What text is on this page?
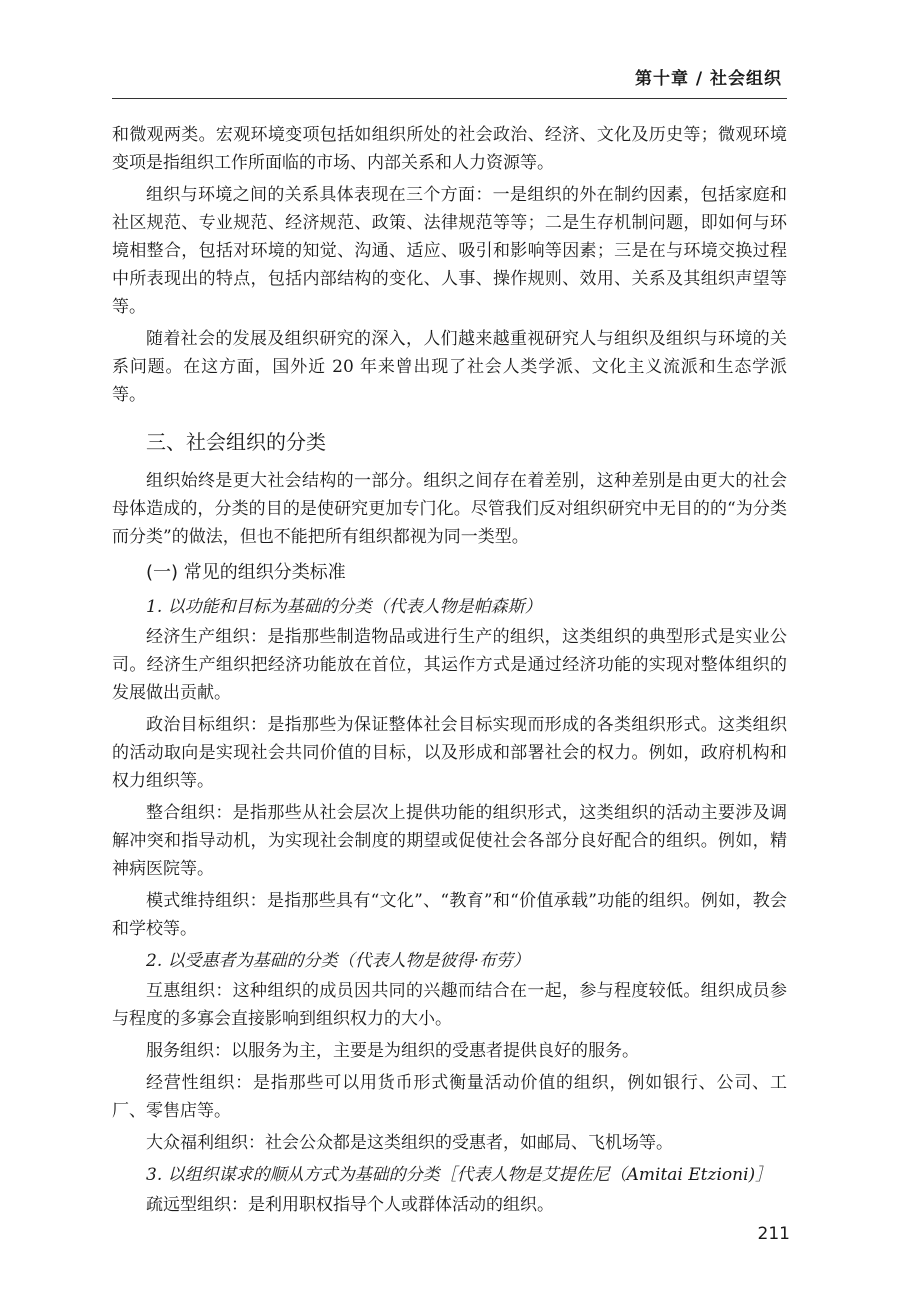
第十章 / 社会组织

和微观两类。宏观环境变项包括如组织所处的社会政治、经济、文化及历史等；微观环境变项是指组织工作所面临的市场、内部关系和人力资源等。

组织与环境之间的关系具体表现在三个方面：一是组织的外在制约因素，包括家庭和社区规范、专业规范、经济规范、政策、法律规范等等；二是生存机制问题，即如何与环境相整合，包括对环境的知觉、沟通、适应、吸引和影响等因素；三是在与环境交换过程中所表现出的特点，包括内部结构的变化、人事、操作规则、效用、关系及其组织声望等等。

随着社会的发展及组织研究的深入，人们越来越重视研究人与组织及组织与环境的关系问题。在这方面，国外近 20 年来曾出现了社会人类学派、文化主义流派和生态学派等。

三、社会组织的分类

组织始终是更大社会结构的一部分。组织之间存在着差别，这种差别是由更大的社会母体造成的，分类的目的是使研究更加专门化。尽管我们反对组织研究中无目的的“为分类而分类”的做法，但也不能把所有组织都视为同一类型。

(一) 常见的组织分类标准

1. 以功能和目标为基础的分类（代表人物是帕森斯）

经济生产组织：是指那些制造物品或进行生产的组织，这类组织的典型形式是实业公司。经济生产组织把经济功能放在首位，其运作方式是通过经济功能的实现对整体组织的发展做出贡献。

政治目标组织：是指那些为保证整体社会目标实现而形成的各类组织形式。这类组织的活动取向是实现社会共同价值的目标，以及形成和部署社会的权力。例如，政府机构和权力组织等。

整合组织：是指那些从社会层次上提供功能的组织形式，这类组织的活动主要涉及调解冲突和指导动机，为实现社会制度的期望或促使社会各部分良好配合的组织。例如，精神病医院等。

模式维持组织：是指那些具有“文化”、“教育”和“价值承载”功能的组织。例如，教会和学校等。

2. 以受惠者为基础的分类（代表人物是彼得·布劳）

互惠组织：这种组织的成员因共同的兴趣而结合在一起，参与程度较低。组织成员参与程度的多寡会直接影响到组织权力的大小。

服务组织：以服务为主，主要是为组织的受惠者提供良好的服务。

经营性组织：是指那些可以用货币形式衡量活动价值的组织，例如银行、公司、工厂、零售店等。

大众福利组织：社会公众都是这类组织的受惠者，如邮局、飞机场等。

3. 以组织谋求的顺从方式为基础的分类［代表人物是艾提佐尼（Amitai Etzioni)］

疏远型组织：是利用职权指导个人或群体活动的组织。

211
